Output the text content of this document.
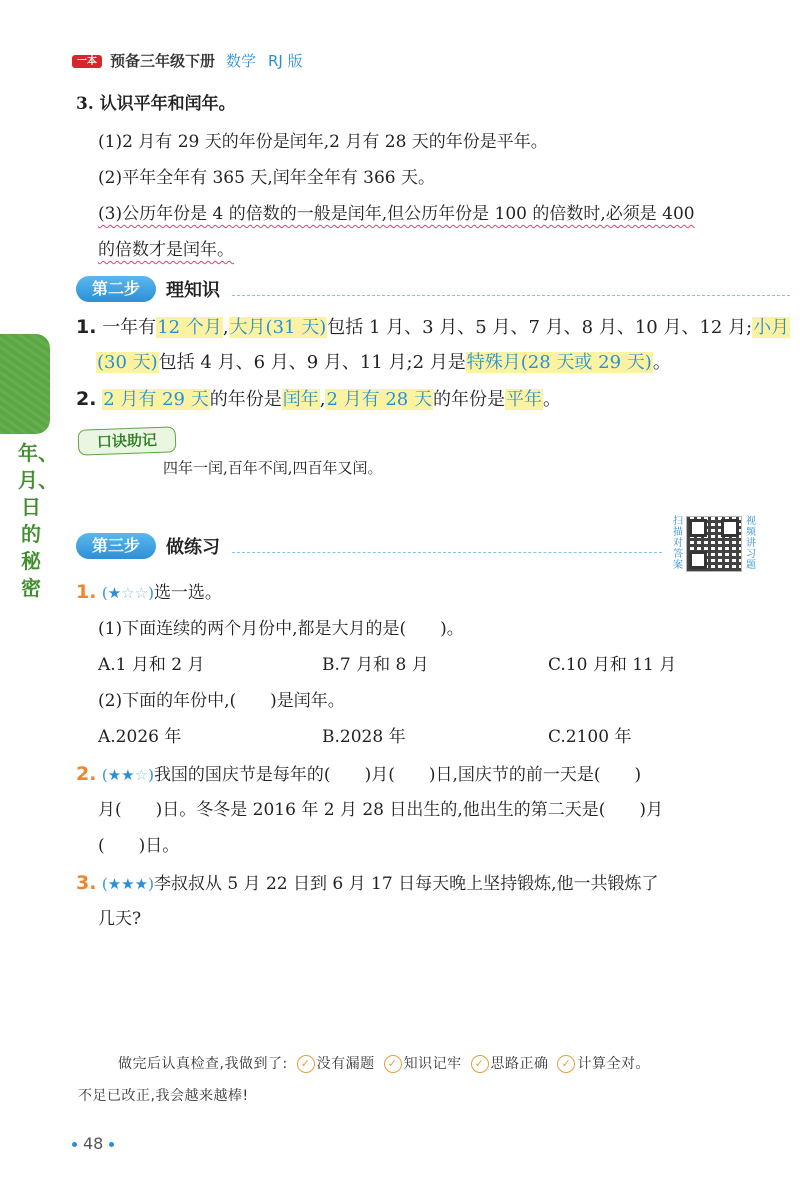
一本 预备三年级下册 数学 RJ 版
3. 认识平年和闰年。
(1)2 月有 29 天的年份是闰年,2 月有 28 天的年份是平年。
(2)平年全年有 365 天,闰年全年有 366 天。
(3)公历年份是 4 的倍数的一般是闰年,但公历年份是 100 的倍数时,必须是 400
的倍数才是闰年。
第二步	理知识
年、月、日的秘密
1. 一年有12 个月,大月(31 天)包括 1 月、3 月、5 月、7 月、8 月、10 月、12 月;小月
(30 天)包括 4 月、6 月、9 月、11 月;2 月是特殊月(28 天或 29 天)。
2. 2 月有 29 天的年份是闰年,2 月有 28 天的年份是平年。
口诀助记
四年一闰,百年不闰,四百年又闰。
第三步	做练习
扫描对答案
视频讲习题
1. (★☆☆)选一选。
(1)下面连续的两个月份中,都是大月的是(　　)。
A.1 月和 2 月	B.7 月和 8 月	C.10 月和 11 月
(2)下面的年份中,(　　)是闰年。
A.2026 年	B.2028 年	C.2100 年
2. (★★☆)我国的国庆节是每年的(　　)月(　　)日,国庆节的前一天是(　　)
月(　　)日。冬冬是 2016 年 2 月 28 日出生的,他出生的第二天是(　　)月
(　　)日。
3. (★★★)李叔叔从 5 月 22 日到 6 月 17 日每天晚上坚持锻炼,他一共锻炼了
几天?
做完后认真检查,我做到了: ✓ 没有漏题 ✓ 知识记牢 ✓ 思路正确 ✓ 计算全对。
不足已改正,我会越来越棒!
48
